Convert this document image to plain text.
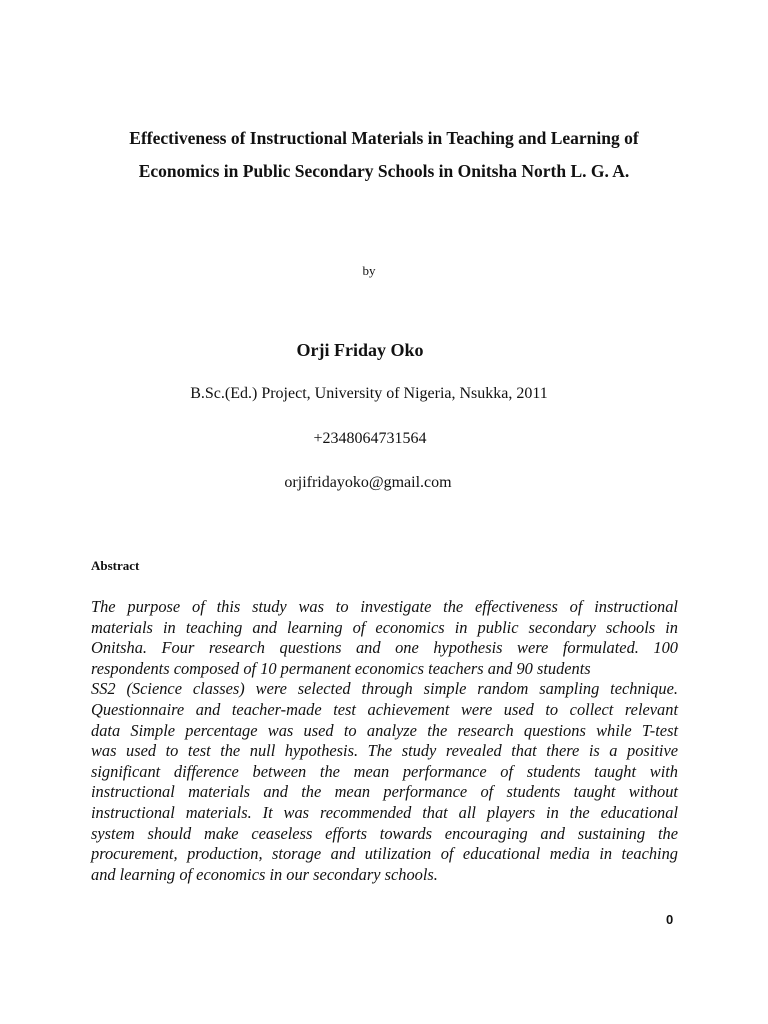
Effectiveness of Instructional Materials in Teaching and Learning of
Economics in Public Secondary Schools in Onitsha North L. G. A.
by
Orji Friday Oko
B.Sc.(Ed.) Project, University of Nigeria, Nsukka, 2011
+2348064731564
orjifridayoko@gmail.com
Abstract
The purpose of this study was to investigate the effectiveness of instructional
materials in teaching and learning of economics in public secondary schools in
Onitsha. Four research questions and one hypothesis were formulated. 100
respondents composed of 10 permanent economics teachers and 90 students
SS2 (Science classes) were selected through simple random sampling technique.
Questionnaire and teacher-made test achievement were used to collect relevant
data Simple percentage was used to analyze the research questions while T-test
was used to test the null hypothesis. The study revealed that there is a positive
significant difference between the mean performance of students taught with
instructional materials and the mean performance of students taught without
instructional materials. It was recommended that all players in the educational
system should make ceaseless efforts towards encouraging and sustaining the
procurement, production, storage and utilization of educational media in teaching
and learning of economics in our secondary schools.
0
